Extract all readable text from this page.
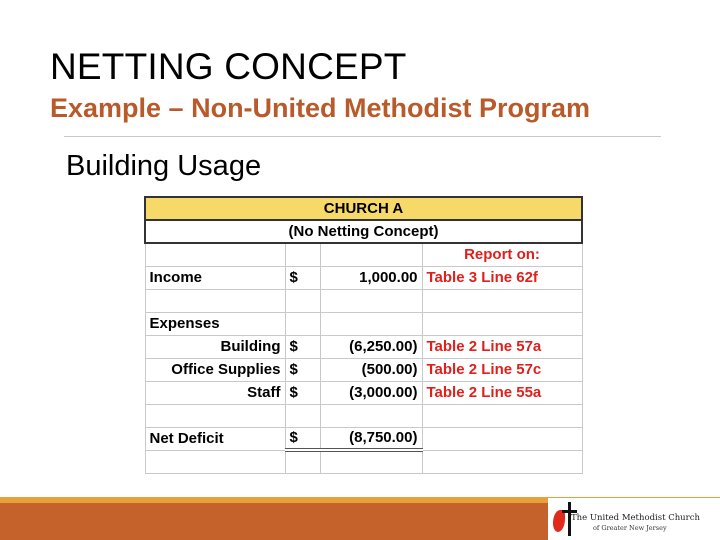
NETTING CONCEPT
Example – Non-United Methodist Program
Building Usage
CHURCH A			
(No Netting Concept)			
			Report on:
Income	$	1,000.00	Table 3 Line 62f

Expenses			
Building	$	(6,250.00)	Table 2 Line 57a
Office Supplies	$	(500.00)	Table 2 Line 57c
Staff	$	(3,000.00)	Table 2 Line 55a

Net Deficit	$	(8,750.00)	

The United Methodist Church
of Greater New Jersey
